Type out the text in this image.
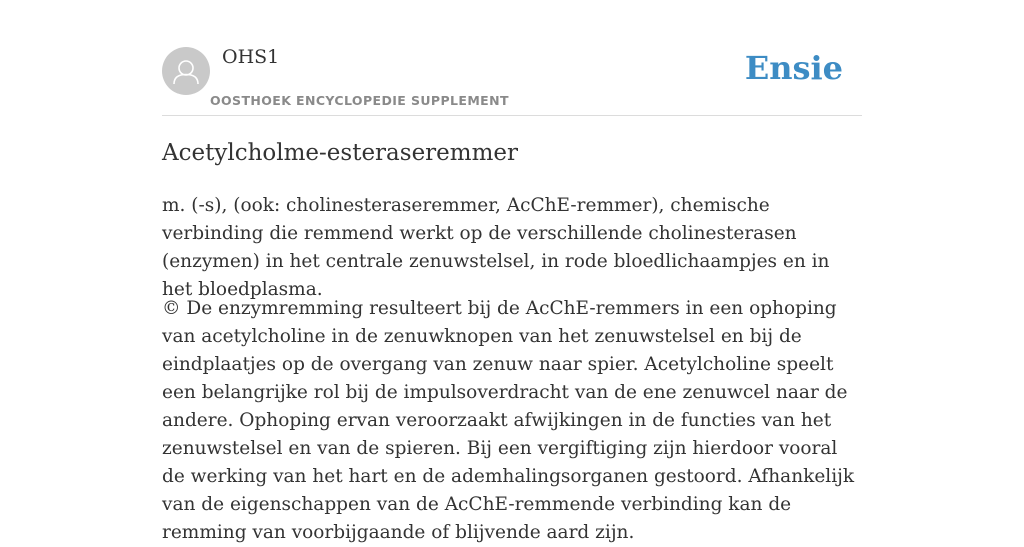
OHS1
OOSTHOEK ENCYCLOPEDIE SUPPLEMENT
Ensie
Acetylcholme-esteraseremmer

m. (-s), (ook: cholinesteraseremmer, AcChE-remmer), chemische verbinding die remmend werkt op de verschillende cholinesterasen (enzymen) in het centrale zenuwstelsel, in rode bloedlichaampjes en in het bloedplasma.

© De enzymremming resulteert bij de AcChE-remmers in een ophoping van acetylcholine in de zenuwknopen van het zenuwstelsel en bij de eindplaatjes op de overgang van zenuw naar spier. Acetylcholine speelt een belangrijke rol bij de impulsoverdracht van de ene zenuwcel naar de andere. Ophoping ervan veroorzaakt afwijkingen in de functies van het zenuwstelsel en van de spieren. Bij een vergiftiging zijn hierdoor vooral de werking van het hart en de ademhalingsorganen gestoord. Afhankelijk van de eigenschappen van de AcChE-remmende verbinding kan de remming van voorbijgaande of blijvende aard zijn.
